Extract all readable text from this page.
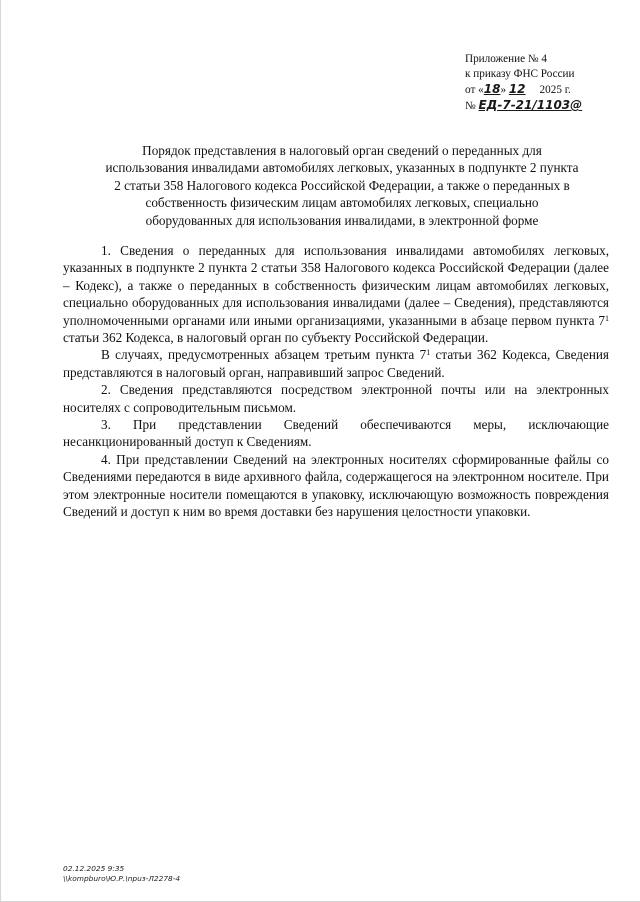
Приложение № 4
к приказу ФНС России
от «18» 12 2025 г.
№ ЕД-7-21/1103@
Порядок представления в налоговый орган сведений о переданных для использования инвалидами автомобилях легковых, указанных в подпункте 2 пункта 2 статьи 358 Налогового кодекса Российской Федерации, а также о переданных в собственность физическим лицам автомобилях легковых, специально оборудованных для использования инвалидами, в электронной форме

1. Сведения о переданных для использования инвалидами автомобилях легковых, указанных в подпункте 2 пункта 2 статьи 358 Налогового кодекса Российской Федерации (далее – Кодекс), а также о переданных в собственность физическим лицам автомобилях легковых, специально оборудованных для использования инвалидами (далее – Сведения), представляются уполномоченными органами или иными организациями, указанными в абзаце первом пункта $7^1$ статьи 362 Кодекса, в налоговый орган по субъекту Российской Федерации.

В случаях, предусмотренных абзацем третьим пункта $7^1$ статьи 362 Кодекса, Сведения представляются в налоговый орган, направивший запрос Сведений.

2. Сведения представляются посредством электронной почты или на электронных носителях с сопроводительным письмом.

3. При представлении Сведений обеспечиваются меры, исключающие несанкционированный доступ к Сведениям.

4. При представлении Сведений на электронных носителях сформированные файлы со Сведениями передаются в виде архивного файла, содержащегося на электронном носителе. При этом электронные носители помещаются в упаковку, исключающую возможность повреждения Сведений и доступ к ним во время доставки без нарушения целостности упаковки.

02.12.2025 9:35
\\kompburo\Ю.Р.\npuз-Л2278-4
